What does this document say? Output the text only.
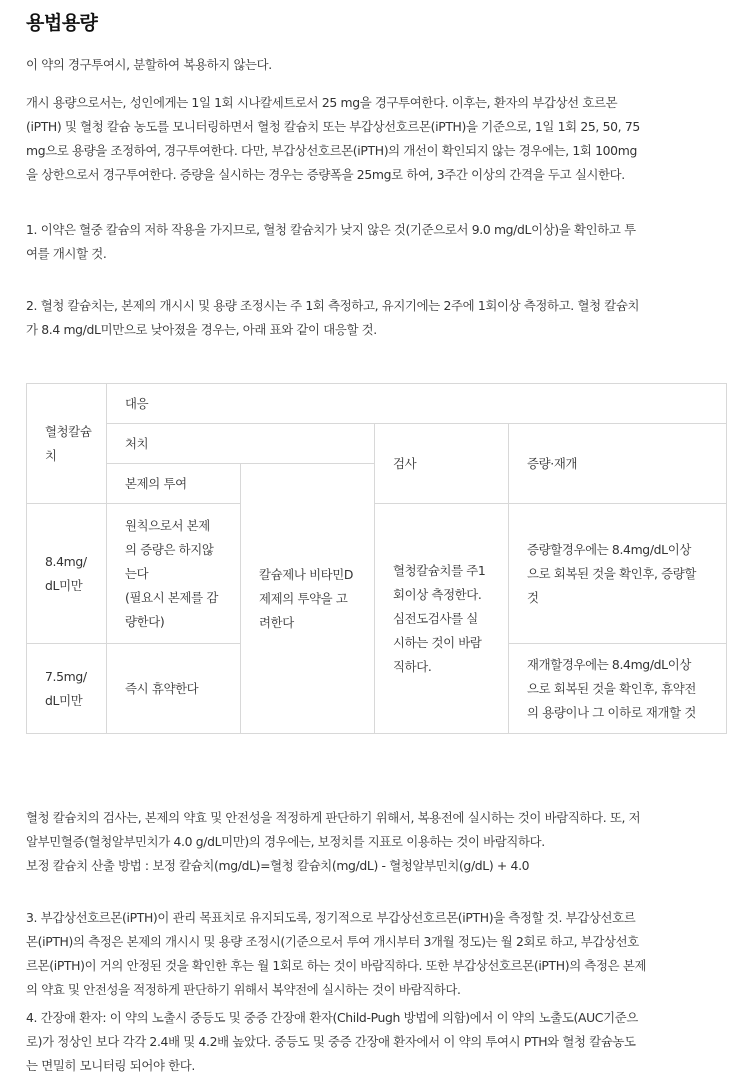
용법용량

이 약의 경구투여시, 분할하여 복용하지 않는다.

개시 용량으로서는, 성인에게는 1일 1회 시나칼세트로서 25 mg을 경구투여한다. 이후는, 환자의 부갑상선 호르몬
(iPTH) 및 혈청 칼슘 농도를 모니터링하면서 혈청 칼슘치 또는 부갑상선호르몬(iPTH)을 기준으로, 1일 1회 25, 50, 75
mg으로 용량을 조정하여, 경구투여한다. 다만, 부갑상선호르몬(iPTH)의 개선이 확인되지 않는 경우에는, 1회 100mg
을 상한으로서 경구투여한다. 증량을 실시하는 경우는 증량폭을 25mg로 하여, 3주간 이상의 간격을 두고 실시한다.

1. 이약은 혈중 칼슘의 저하 작용을 가지므로, 혈청 칼슘치가 낮지 않은 것(기준으로서 9.0 mg/dL이상)을 확인하고 투
여를 개시할 것.

2. 혈청 칼슘치는, 본제의 개시시 및 용량 조정시는 주 1회 측정하고, 유지기에는 2주에 1회이상 측정하고. 혈청 칼슘치
가 8.4 mg/dL미만으로 낮아졌을 경우는, 아래 표와 같이 대응할 것.

혈청칼슘
치	대응			
	처치		검사	증량·재개
	본제의 투여	칼슘제나 비타민D
제제의 투약을 고
려한다		

8.4mg/
dL미만	원칙으로서 본제
의 증량은 하지않
는다
(필요시 본제를 감
량한다)		혈청칼슘치를 주1
회이상 측정한다.
심전도검사를 실
시하는 것이 바람
직하다.	증량할경우에는 8.4mg/dL이상
으로 회복된 것을 확인후, 증량할
것

7.5mg/
dL미만	즉시 휴약한다			재개할경우에는 8.4mg/dL이상
으로 회복된 것을 확인후, 휴약전
의 용량이나 그 이하로 재개할 것

혈청 칼슘치의 검사는, 본제의 약효 및 안전성을 적정하게 판단하기 위해서, 복용전에 실시하는 것이 바람직하다. 또, 저
알부민혈증(혈청알부민치가 4.0 g/dL미만)의 경우에는, 보정치를 지표로 이용하는 것이 바람직하다.
보정 칼슘치 산출 방법 : 보정 칼슘치(mg/dL)=혈청 칼슘치(mg/dL) - 혈청알부민치(g/dL) + 4.0

3. 부갑상선호르몬(iPTH)이 관리 목표치로 유지되도록, 정기적으로 부갑상선호르몬(iPTH)을 측정할 것. 부갑상선호르
몬(iPTH)의 측정은 본제의 개시시 및 용량 조정시(기준으로서 투여 개시부터 3개월 정도)는 월 2회로 하고, 부갑상선호
르몬(iPTH)이 거의 안정된 것을 확인한 후는 월 1회로 하는 것이 바람직하다. 또한 부갑상선호르몬(iPTH)의 측정은 본제
의 약효 및 안전성을 적정하게 판단하기 위해서 복약전에 실시하는 것이 바람직하다.

4. 간장애 환자: 이 약의 노출시 중등도 및 중증 간장애 환자(Child-Pugh 방법에 의함)에서 이 약의 노출도(AUC기준으
로)가 정상인 보다 각각 2.4배 및 4.2배 높았다. 중등도 및 중증 간장애 환자에서 이 약의 투여시 PTH와 혈청 칼슘농도
는 면밀히 모니터링 되어야 한다.
